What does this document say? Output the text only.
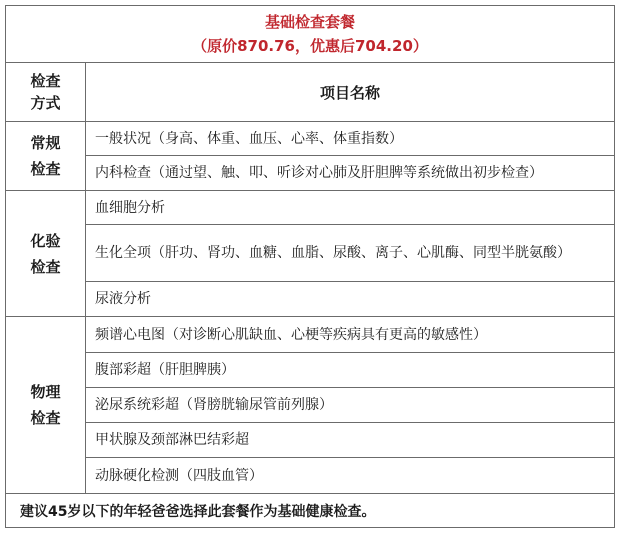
基础检查套餐
（原价870.76，优惠后704.20）	

检查
方式	项目名称

常规
检查	一般状况（身高、体重、血压、心率、体重指数）
	内科检查（通过望、触、叩、听诊对心肺及肝胆脾等系统做出初步检查）

化验
检查	血细胞分析
	生化全项（肝功、肾功、血糖、血脂、尿酸、离子、心肌酶、同型半胱氨酸）
	尿液分析

物理
检查	频谱心电图（对诊断心肌缺血、心梗等疾病具有更高的敏感性）
	腹部彩超（肝胆脾胰）
	泌尿系统彩超（肾膀胱输尿管前列腺）
	甲状腺及颈部淋巴结彩超
	动脉硬化检测（四肢血管）
建议45岁以下的年轻爸爸选择此套餐作为基础健康检查。	
